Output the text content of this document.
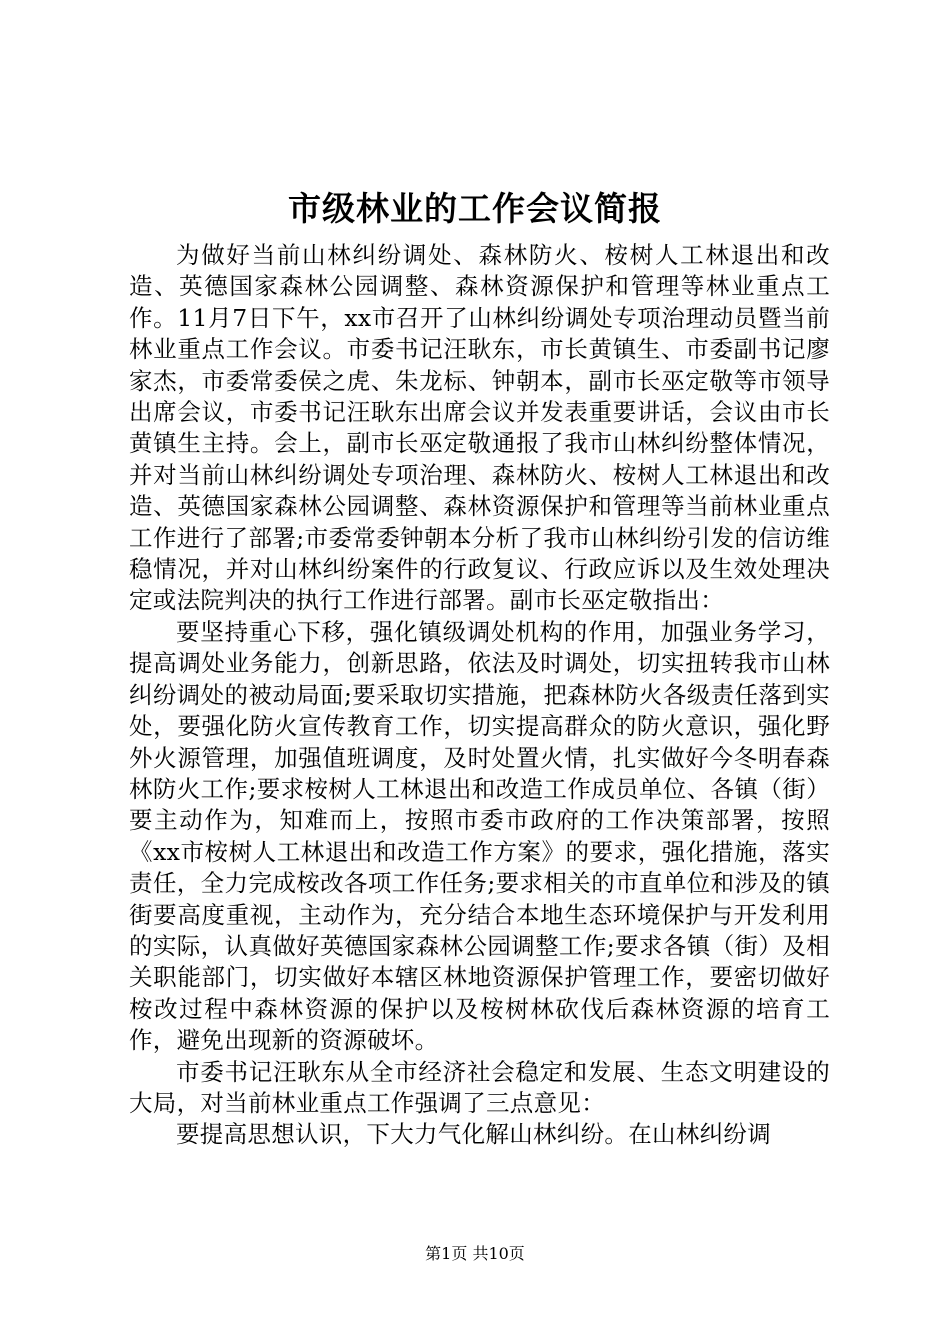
市级林业的工作会议简报

为做好当前山林纠纷调处、森林防火、桉树人工林退出和改造、英德国家森林公园调整、森林资源保护和管理等林业重点工作。11月7日下午，xx市召开了山林纠纷调处专项治理动员暨当前林业重点工作会议。市委书记汪耿东，市长黄镇生、市委副书记廖家杰，市委常委侯之虎、朱龙标、钟朝本，副市长巫定敬等市领导出席会议，市委书记汪耿东出席会议并发表重要讲话，会议由市长黄镇生主持。会上，副市长巫定敬通报了我市山林纠纷整体情况，并对当前山林纠纷调处专项治理、森林防火、桉树人工林退出和改造、英德国家森林公园调整、森林资源保护和管理等当前林业重点工作进行了部署;市委常委钟朝本分析了我市山林纠纷引发的信访维稳情况，并对山林纠纷案件的行政复议、行政应诉以及生效处理决定或法院判决的执行工作进行部署。副市长巫定敬指出：

要坚持重心下移，强化镇级调处机构的作用，加强业务学习，提高调处业务能力，创新思路，依法及时调处，切实扭转我市山林纠纷调处的被动局面;要采取切实措施，把森林防火各级责任落到实处，要强化防火宣传教育工作，切实提高群众的防火意识，强化野外火源管理，加强值班调度，及时处置火情，扎实做好今冬明春森林防火工作;要求桉树人工林退出和改造工作成员单位、各镇（街）要主动作为，知难而上，按照市委市政府的工作决策部署，按照《xx市桉树人工林退出和改造工作方案》的要求，强化措施，落实责任，全力完成桉改各项工作任务;要求相关的市直单位和涉及的镇街要高度重视，主动作为，充分结合本地生态环境保护与开发利用的实际，认真做好英德国家森林公园调整工作;要求各镇（街）及相关职能部门，切实做好本辖区林地资源保护管理工作，要密切做好桉改过程中森林资源的保护以及桉树林砍伐后森林资源的培育工作，避免出现新的资源破坏。

市委书记汪耿东从全市经济社会稳定和发展、生态文明建设的大局，对当前林业重点工作强调了三点意见：

要提高思想认识，下大力气化解山林纠纷。在山林纠纷调

第1页 共10页
